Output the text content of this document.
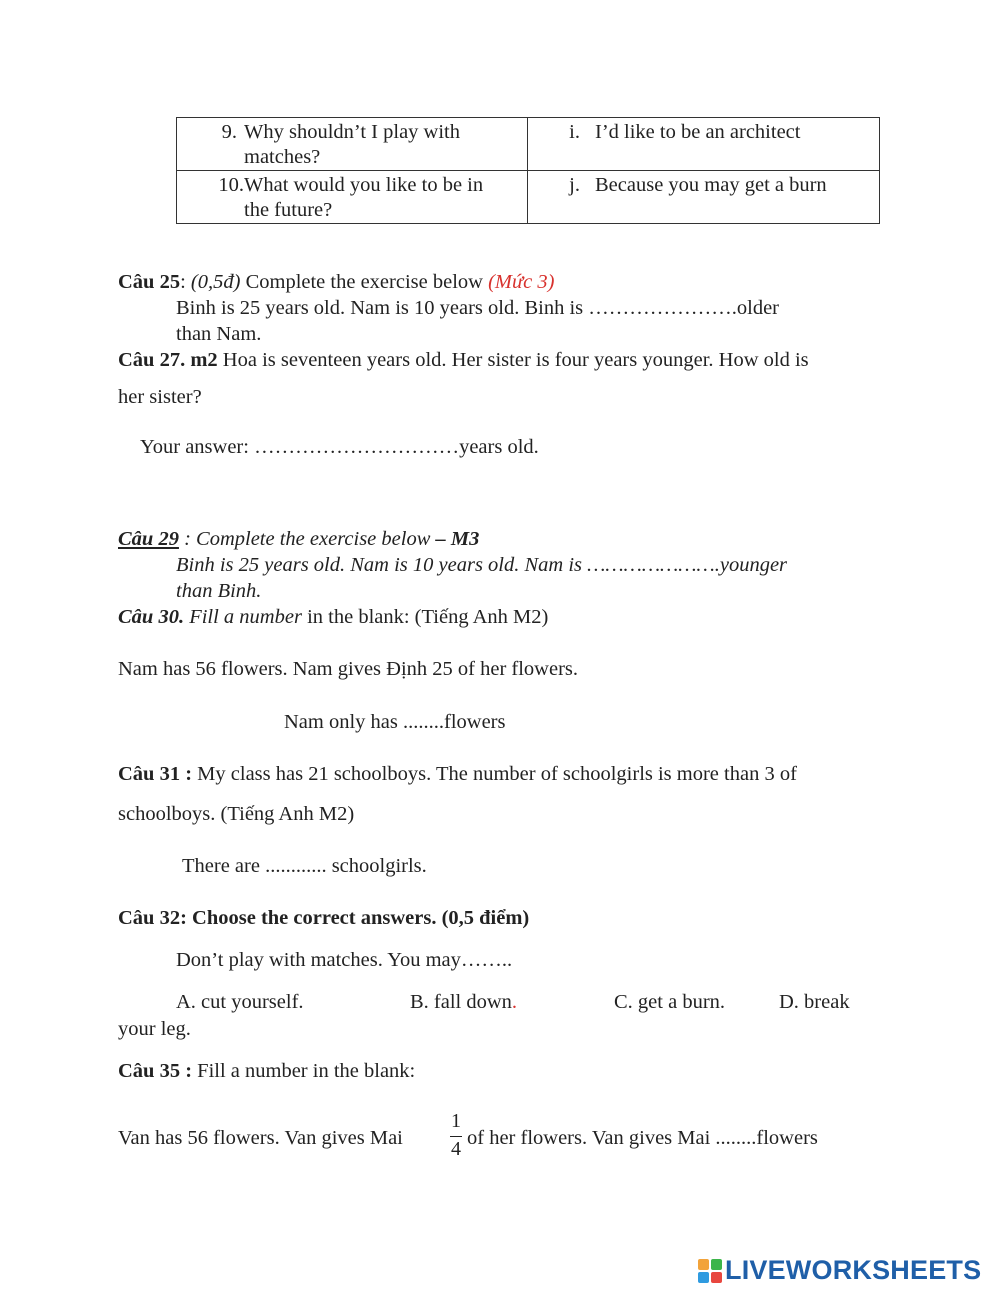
9. Why shouldn’t I play with
matches?	i. I’d like to be an architect

10. What would you like to be in
the future?	j. Because you may get a burn
Câu 25: (0,5đ) Complete the exercise below (Mức 3)
Binh is 25 years old. Nam is 10 years old. Binh is ………………….older
than Nam.
Câu 27. m2 Hoa is seventeen years old. Her sister is four years younger. How old is
her sister?
Your answer: …………………………years old.
Câu 29 : Complete the exercise below – M3
Binh is 25 years old. Nam is 10 years old. Nam is ………………….younger
than Binh.
Câu 30. Fill a number in the blank: (Tiếng Anh M2)
Nam has 56 flowers. Nam gives Định 25 of her flowers.
Nam only has ........flowers
Câu 31 : My class has 21 schoolboys. The number of schoolgirls is more than 3 of
schoolboys. (Tiếng Anh M2)
There are ............ schoolgirls.
Câu 32: Choose the correct answers. (0,5 điểm)
Don’t play with matches. You may……..
A. cut yourself.	B. fall down.	C. get a burn.	D. break
your leg.
Câu 35 : Fill a number in the blank:
Van has 56 flowers. Van gives Mai
1
4 of her flowers. Van gives Mai ........flowers
LIVEWORKSHEETS
